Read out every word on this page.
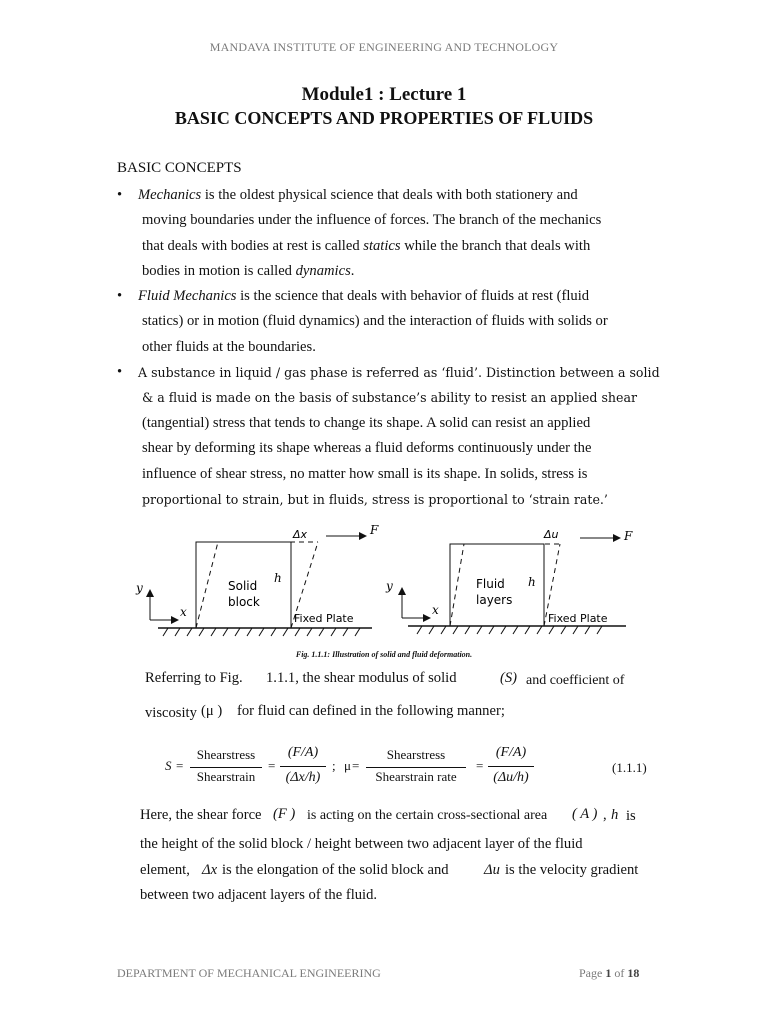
MANDAVA INSTITUTE OF ENGINEERING AND TECHNOLOGY
Module1 : Lecture 1
BASIC CONCEPTS AND PROPERTIES OF FLUIDS
BASIC CONCEPTS
•	Mechanics is the oldest physical science that deals with both stationery and
moving boundaries under the influence of forces. The branch of the mechanics
that deals with bodies at rest is called statics while the branch that deals with
bodies in motion is called dynamics.
•	Fluid Mechanics is the science that deals with behavior of fluids at rest (fluid
statics) or in motion (fluid dynamics) and the interaction of fluids with solids or
other fluids at the boundaries.
•	A substance in liquid / gas phase is referred as ‘fluid’. Distinction between a solid
& a fluid is made on the basis of substance’s ability to resist an applied shear
(tangential) stress that tends to change its shape. A solid can resist an applied
shear by deforming its shape whereas a fluid deforms continuously under the
influence of shear stress, no matter how small is its shape. In solids, stress is
proportional to strain, but in fluids, stress is proportional to ‘strain rate.’
Δx	F
h
Solid
block
Fixed Plate
y
x
Δu	F
h
Fluid
layers
Fixed Plate
y
x
Fig. 1.1.1: Illustration of solid and fluid deformation.
Referring to Fig. 1.1.1, the shear modulus of solid	(S) and coefficient of
viscosity (μ ) for fluid can defined in the following manner;
S =
Shearstress
Shearstrain
=
(F/A)
(Δx/h)
; μ =
Shearstress
Shearstrain rate
=
(F/A)
(Δu/h)
(1.1.1)
Here, the shear force (F ) is acting on the certain cross-sectional area ( A ) , h is
the height of the solid block / height between two adjacent layer of the fluid
element, Δx is the elongation of the solid block and Δu is the velocity gradient
between two adjacent layers of the fluid.
DEPARTMENT OF MECHANICAL ENGINEERING	Page 1 of 18
